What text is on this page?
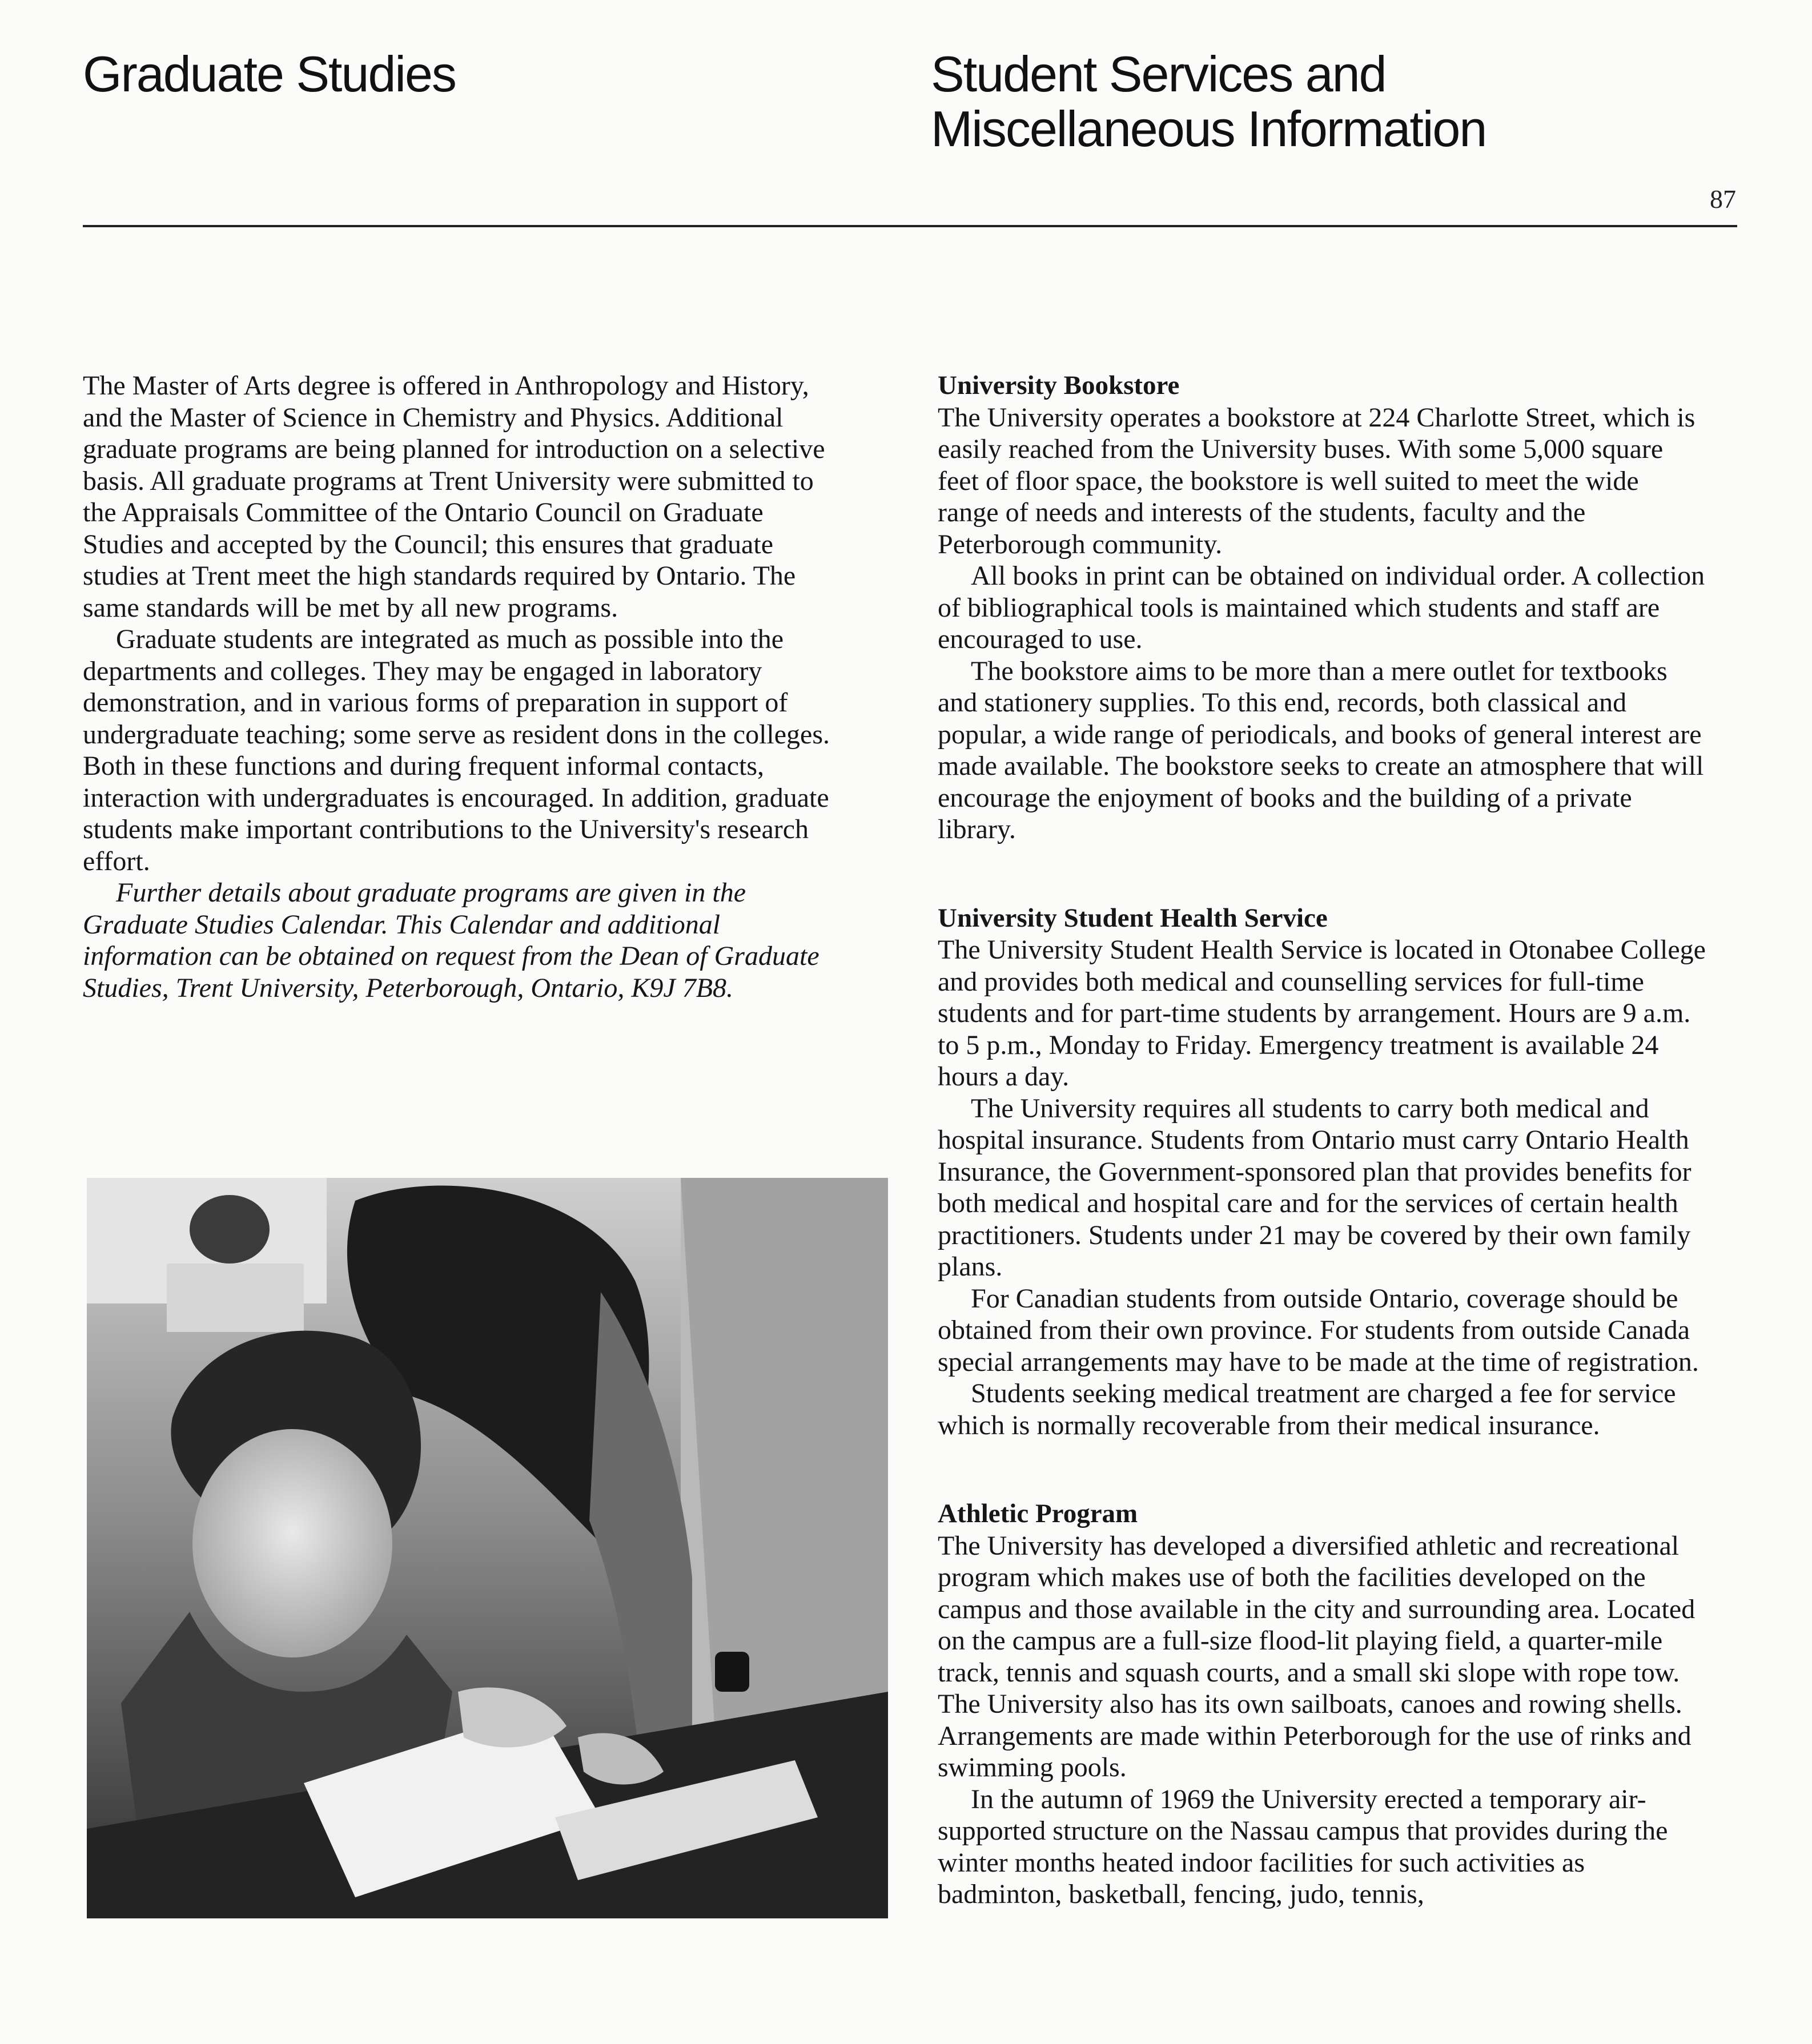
Graduate Studies	Student Services and
Miscellaneous Information
87

The Master of Arts degree is offered in Anthropology and History, and the Master of Science in Chemistry and Physics. Additional graduate programs are being planned for introduction on a selective basis. All graduate programs at Trent University were submitted to the Appraisals Committee of the Ontario Council on Graduate Studies and accepted by the Council; this ensures that graduate studies at Trent meet the high standards required by Ontario. The same standards will be met by all new programs.

Graduate students are integrated as much as possible into the departments and colleges. They may be engaged in laboratory demonstration, and in various forms of preparation in support of undergraduate teaching; some serve as resident dons in the colleges. Both in these functions and during frequent informal contacts, interaction with undergraduates is encouraged. In addition, graduate students make important contributions to the University's research effort.

Further details about graduate programs are given in the Graduate Studies Calendar. This Calendar and additional information can be obtained on request from the Dean of Graduate Studies, Trent University, Peterborough, Ontario, K9J 7B8.

University Bookstore

The University operates a bookstore at 224 Charlotte Street, which is easily reached from the University buses. With some 5,000 square feet of floor space, the bookstore is well suited to meet the wide range of needs and interests of the students, faculty and the Peterborough community.

All books in print can be obtained on individual order. A collection of bibliographical tools is maintained which students and staff are encouraged to use.

The bookstore aims to be more than a mere outlet for textbooks and stationery supplies. To this end, records, both classical and popular, a wide range of periodicals, and books of general interest are made available. The bookstore seeks to create an atmosphere that will encourage the enjoyment of books and the building of a private library.

University Student Health Service

The University Student Health Service is located in Otonabee College and provides both medical and counselling services for full-time students and for part-time students by arrangement. Hours are 9 a.m. to 5 p.m., Monday to Friday. Emergency treatment is available 24 hours a day.

The University requires all students to carry both medical and hospital insurance. Students from Ontario must carry Ontario Health Insurance, the Government-sponsored plan that provides benefits for both medical and hospital care and for the services of certain health practitioners. Students under 21 may be covered by their own family plans.

For Canadian students from outside Ontario, coverage should be obtained from their own province. For students from outside Canada special arrangements may have to be made at the time of registration.

Students seeking medical treatment are charged a fee for service which is normally recoverable from their medical insurance.

Athletic Program

The University has developed a diversified athletic and recreational program which makes use of both the facilities developed on the campus and those available in the city and surrounding area. Located on the campus are a full-size flood-lit playing field, a quarter-mile track, tennis and squash courts, and a small ski slope with rope tow. The University also has its own sailboats, canoes and rowing shells. Arrangements are made within Peterborough for the use of rinks and swimming pools.

In the autumn of 1969 the University erected a temporary air-supported structure on the Nassau campus that provides during the winter months heated indoor facilities for such activities as badminton, basketball, fencing, judo, tennis,
